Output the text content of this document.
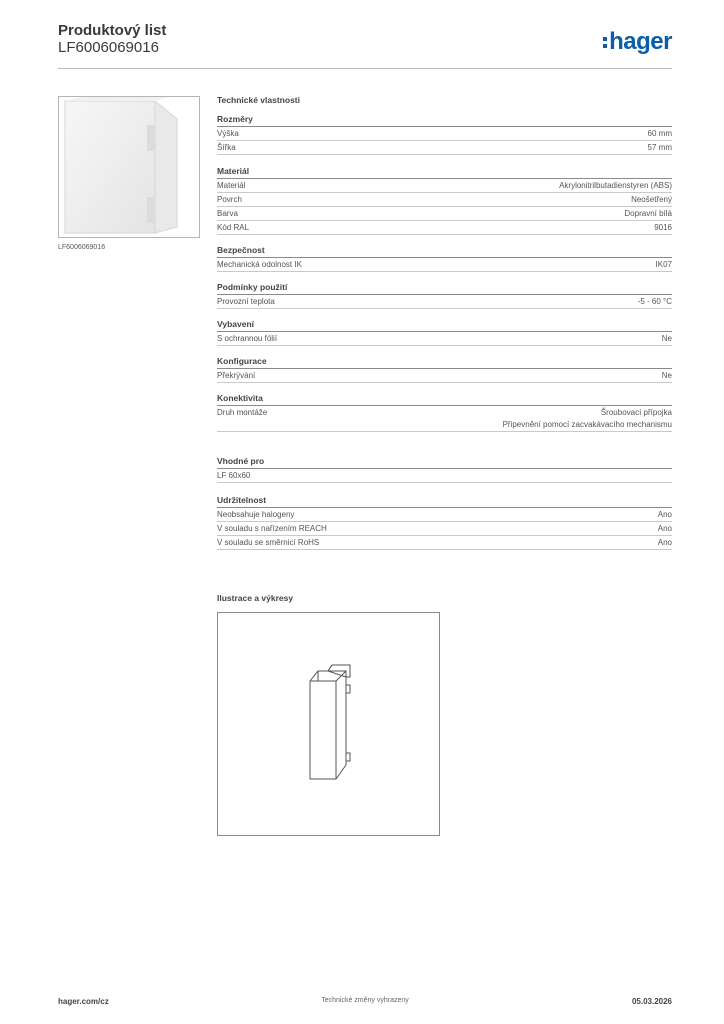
Produktový list
LF6006069016	hager
LF6006069016
Technické vlastnosti
Rozměry
Výška	60 mm
Šířka	57 mm
Materiál
Materiál	Akrylonitrilbutadienstyren (ABS)
Povrch	Neošetřený
Barva	Dopravní bílá
Kód RAL	9016
Bezpečnost
Mechanická odolnost IK	IK07
Podmínky použití
Provozní teplota	-5 - 60 °C
Vybavení
S ochrannou fólií	Ne
Konfigurace
Překrývání	Ne
Konektivita
Druh montáže	Šroubovací přípojka
Připevnění pomocí zacvakávacího mechanismu
Vhodné pro
LF 60x60
Udržitelnost
Neobsahuje halogeny	Ano
V souladu s nařízením REACH	Ano
V souladu se směrnicí RoHS	Ano
Ilustrace a výkresy
hager.com/cz	Technické změny vyhrazeny	05.03.2026
